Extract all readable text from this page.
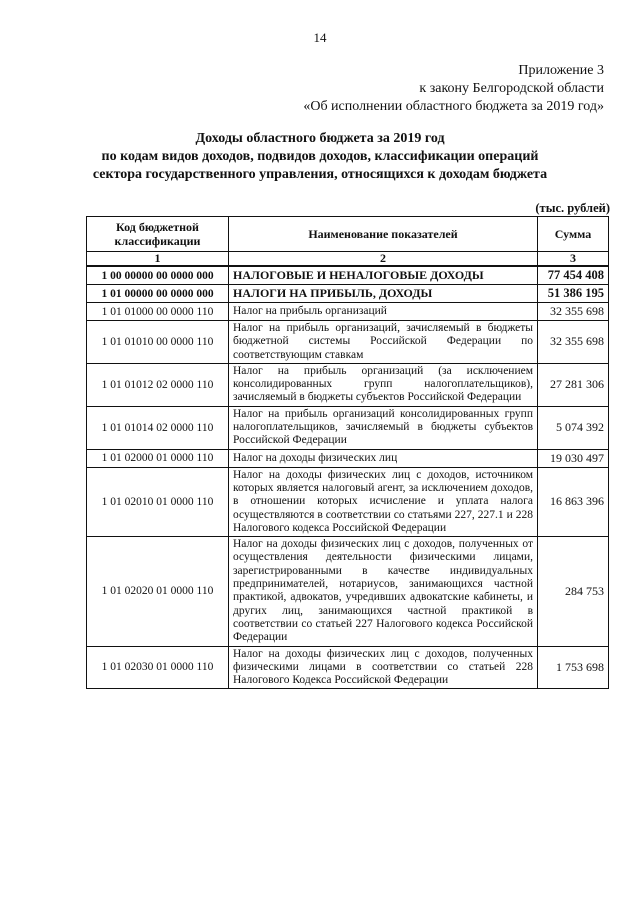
14
Приложение 3
к закону Белгородской области
«Об исполнении областного бюджета за 2019 год»
Доходы областного бюджета за 2019 год
по кодам видов доходов, подвидов доходов, классификации операций
сектора государственного управления, относящихся к доходам бюджета
(тыс. рублей)
Код бюджетной классификации	Наименование показателей	Сумма
1	2	3
1 00 00000 00 0000 000	НАЛОГОВЫЕ И НЕНАЛОГОВЫЕ ДОХОДЫ	77 454 408
1 01 00000 00 0000 000	НАЛОГИ НА ПРИБЫЛЬ, ДОХОДЫ	51 386 195
1 01 01000 00 0000 110	Налог на прибыль организаций	32 355 698
1 01 01010 00 0000 110	Налог на прибыль организаций, зачисляемый в бюджеты бюджетной системы Российской Федерации по соответствующим ставкам	32 355 698
1 01 01012 02 0000 110	Налог на прибыль организаций (за исключением консолидированных групп налогоплательщиков), зачисляемый в бюджеты субъектов Российской Федерации	27 281 306
1 01 01014 02 0000 110	Налог на прибыль организаций консолидированных групп налогоплательщиков, зачисляемый в бюджеты субъектов Российской Федерации	5 074 392
1 01 02000 01 0000 110	Налог на доходы физических лиц	19 030 497
1 01 02010 01 0000 110	Налог на доходы физических лиц с доходов, источником которых является налоговый агент, за исключением доходов, в отношении которых исчисление и уплата налога осуществляются в соответствии со статьями 227, 227.1 и 228 Налогового кодекса Российской Федерации	16 863 396
1 01 02020 01 0000 110	Налог на доходы физических лиц с доходов, полученных от осуществления деятельности физическими лицами, зарегистрированными в качестве индивидуальных предпринимателей, нотариусов, занимающихся частной практикой, адвокатов, учредивших адвокатские кабинеты, и других лиц, занимающихся частной практикой в соответствии со статьей 227 Налогового кодекса Российской Федерации	284 753
1 01 02030 01 0000 110	Налог на доходы физических лиц с доходов, полученных физическими лицами в соответствии со статьей 228 Налогового Кодекса Российской Федерации	1 753 698
